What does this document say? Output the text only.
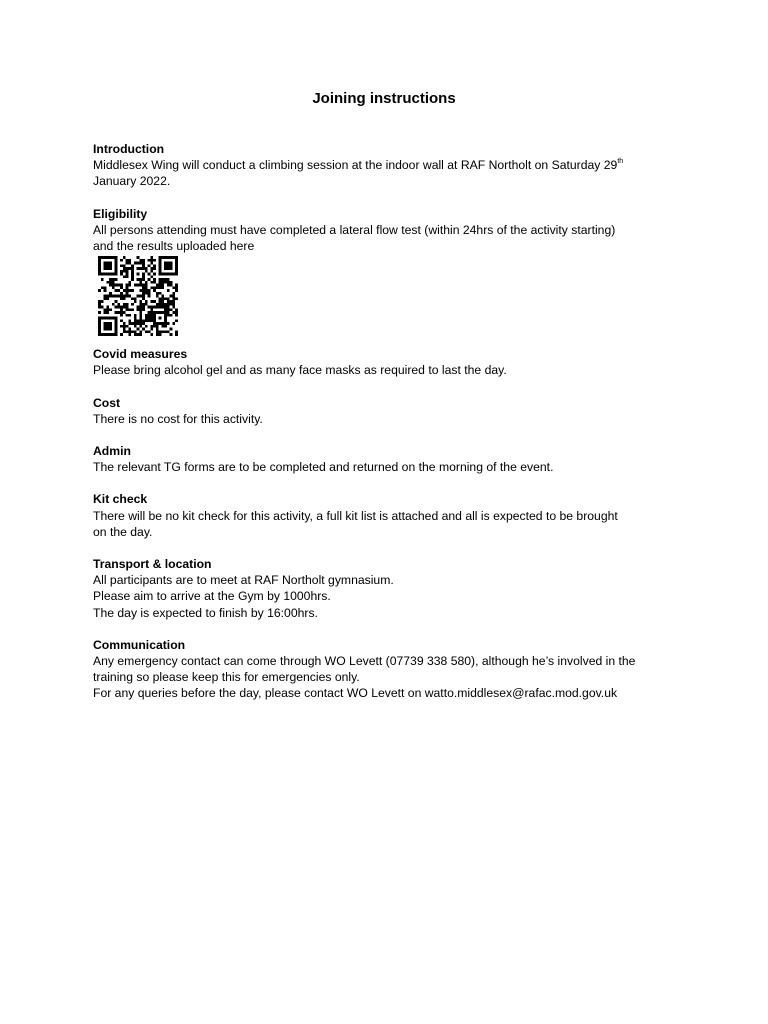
Joining instructions
Introduction
Middlesex Wing will conduct a climbing session at the indoor wall at RAF Northolt on Saturday 29th
January 2022.
Eligibility
All persons attending must have completed a lateral flow test (within 24hrs of the activity starting)
and the results uploaded here
Covid measures
Please bring alcohol gel and as many face masks as required to last the day.
Cost
There is no cost for this activity.
Admin
The relevant TG forms are to be completed and returned on the morning of the event.
Kit check
There will be no kit check for this activity, a full kit list is attached and all is expected to be brought
on the day.
Transport & location
All participants are to meet at RAF Northolt gymnasium.
Please aim to arrive at the Gym by 1000hrs.
The day is expected to finish by 16:00hrs.
Communication
Any emergency contact can come through WO Levett (07739 338 580), although he’s involved in the
training so please keep this for emergencies only.
For any queries before the day, please contact WO Levett on watto.middlesex@rafac.mod.gov.uk
